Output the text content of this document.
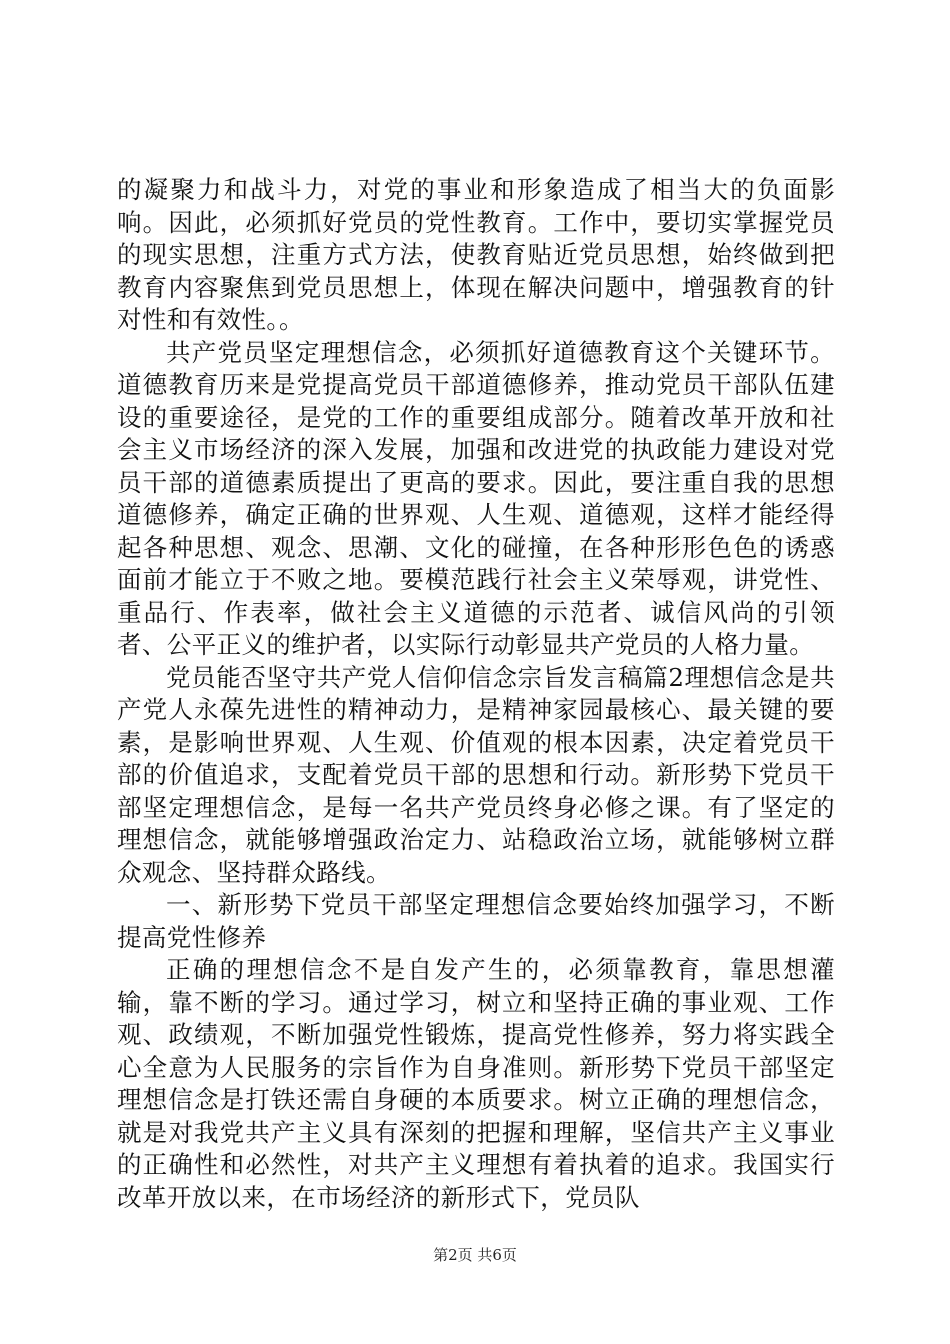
的凝聚力和战斗力，对党的事业和形象造成了相当大的负面影响。因此，必须抓好党员的党性教育。工作中，要切实掌握党员的现实思想，注重方式方法，使教育贴近党员思想，始终做到把教育内容聚焦到党员思想上，体现在解决问题中，增强教育的针对性和有效性。。

共产党员坚定理想信念，必须抓好道德教育这个关键环节。道德教育历来是党提高党员干部道德修养，推动党员干部队伍建设的重要途径，是党的工作的重要组成部分。随着改革开放和社会主义市场经济的深入发展，加强和改进党的执政能力建设对党员干部的道德素质提出了更高的要求。因此，要注重自我的思想道德修养，确定正确的世界观、人生观、道德观，这样才能经得起各种思想、观念、思潮、文化的碰撞，在各种形形色色的诱惑面前才能立于不败之地。要模范践行社会主义荣辱观，讲党性、重品行、作表率，做社会主义道德的示范者、诚信风尚的引领者、公平正义的维护者，以实际行动彰显共产党员的人格力量。

党员能否坚守共产党人信仰信念宗旨发言稿篇2理想信念是共产党人永葆先进性的精神动力，是精神家园最核心、最关键的要素，是影响世界观、人生观、价值观的根本因素，决定着党员干部的价值追求，支配着党员干部的思想和行动。新形势下党员干部坚定理想信念，是每一名共产党员终身必修之课。有了坚定的理想信念，就能够增强政治定力、站稳政治立场，就能够树立群众观念、坚持群众路线。

一、新形势下党员干部坚定理想信念要始终加强学习，不断提高党性修养

正确的理想信念不是自发产生的，必须靠教育，靠思想灌输，靠不断的学习。通过学习，树立和坚持正确的事业观、工作观、政绩观，不断加强党性锻炼，提高党性修养，努力将实践全心全意为人民服务的宗旨作为自身准则。新形势下党员干部坚定理想信念是打铁还需自身硬的本质要求。树立正确的理想信念，就是对我党共产主义具有深刻的把握和理解，坚信共产主义事业的正确性和必然性，对共产主义理想有着执着的追求。我国实行改革开放以来，在市场经济的新形式下，党员队

第2页 共6页
